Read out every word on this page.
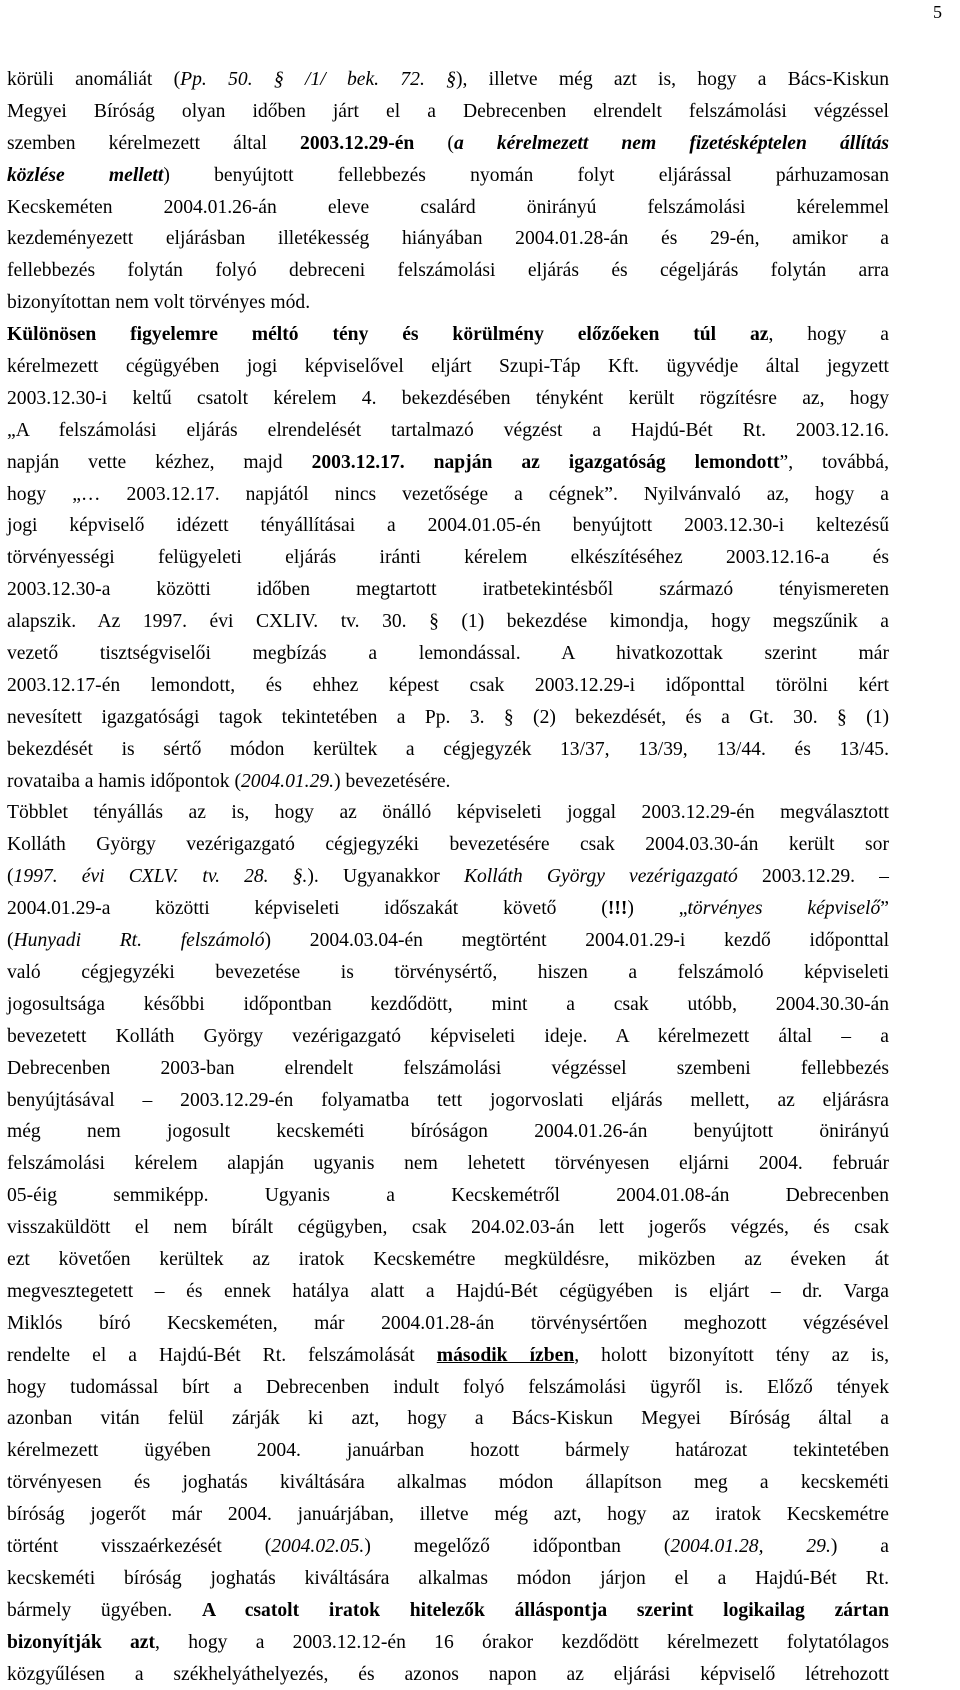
5
körüli anomáliát (Pp. 50. § /1/ bek. 72. §), illetve még azt is, hogy a Bács-Kiskun
Megyei Bíróság olyan időben járt el a Debrecenben elrendelt felszámolási végzéssel
szemben kérelmezett által 2003.12.29-én (a kérelmezett nem fizetésképtelen állítás
közlése mellett) benyújtott fellebbezés nyomán folyt eljárással párhuzamosan
Kecskeméten 2004.01.26-án eleve csalárd önirányú felszámolási kérelemmel
kezdeményezett eljárásban illetékesség hiányában 2004.01.28-án és 29-én, amikor a
fellebbezés folytán folyó debreceni felszámolási eljárás és cégeljárás folytán arra
bizonyítottan nem volt törvényes mód.
Különösen figyelemre méltó tény és körülmény előzőeken túl az, hogy a
kérelmezett cégügyében jogi képviselővel eljárt Szupi-Táp Kft. ügyvédje által jegyzett
2003.12.30-i keltű csatolt kérelem 4. bekezdésében tényként került rögzítésre az, hogy
„A felszámolási eljárás elrendelését tartalmazó végzést a Hajdú-Bét Rt. 2003.12.16.
napján vette kézhez, majd 2003.12.17. napján az igazgatóság lemondott”, továbbá,
hogy „… 2003.12.17. napjától nincs vezetősége a cégnek”. Nyilvánvaló az, hogy a
jogi képviselő idézett tényállításai a 2004.01.05-én benyújtott 2003.12.30-i keltezésű
törvényességi felügyeleti eljárás iránti kérelem elkészítéséhez 2003.12.16-a és
2003.12.30-a közötti időben megtartott iratbetekintésből származó tényismereten
alapszik. Az 1997. évi CXLIV. tv. 30. § (1) bekezdése kimondja, hogy megszűnik a
vezető tisztségviselői megbízás a lemondással. A hivatkozottak szerint már
2003.12.17-én lemondott, és ehhez képest csak 2003.12.29-i időponttal törölni kért
nevesített igazgatósági tagok tekintetében a Pp. 3. § (2) bekezdését, és a Gt. 30. § (1)
bekezdését is sértő módon kerültek a cégjegyzék 13/37, 13/39, 13/44. és 13/45.
rovataiba a hamis időpontok (2004.01.29.) bevezetésére.
Többlet tényállás az is, hogy az önálló képviseleti joggal 2003.12.29-én megválasztott
Kolláth György vezérigazgató cégjegyzéki bevezetésére csak 2004.03.30-án került sor
(1997. évi CXLV. tv. 28. §.). Ugyanakkor Kolláth György vezérigazgató 2003.12.29. –
2004.01.29-a közötti képviseleti időszakát követő (!!!) „törvényes képviselő”
(Hunyadi Rt. felszámoló) 2004.03.04-én megtörtént 2004.01.29-i kezdő időponttal
való cégjegyzéki bevezetése is törvénysértő, hiszen a felszámoló képviseleti
jogosultsága későbbi időpontban kezdődött, mint a csak utóbb, 2004.30.30-án
bevezetett Kolláth György vezérigazgató képviseleti ideje. A kérelmezett által – a
Debrecenben 2003-ban elrendelt felszámolási végzéssel szembeni fellebbezés
benyújtásával – 2003.12.29-én folyamatba tett jogorvoslati eljárás mellett, az eljárásra
még nem jogosult kecskeméti bíróságon 2004.01.26-án benyújtott önirányú
felszámolási kérelem alapján ugyanis nem lehetett törvényesen eljárni 2004. február
05-éig semmiképp. Ugyanis a Kecskemétről 2004.01.08-án Debrecenben
visszaküldött el nem bírált cégügyben, csak 204.02.03-án lett jogerős végzés, és csak
ezt követően kerültek az iratok Kecskemétre megküldésre, miközben az éveken át
megvesztegetett – és ennek hatálya alatt a Hajdú-Bét cégügyében is eljárt – dr. Varga
Miklós bíró Kecskeméten, már 2004.01.28-án törvénysértően meghozott végzésével
rendelte el a Hajdú-Bét Rt. felszámolását második ízben, holott bizonyított tény az is,
hogy tudomással bírt a Debrecenben indult folyó felszámolási ügyről is. Előző tények
azonban vitán felül zárják ki azt, hogy a Bács-Kiskun Megyei Bíróság által a
kérelmezett ügyében 2004. januárban hozott bármely határozat tekintetében
törvényesen és joghatás kiváltására alkalmas módon állapítson meg a kecskeméti
bíróság jogerőt már 2004. januárjában, illetve még azt, hogy az iratok Kecskemétre
történt visszaérkezését (2004.02.05.) megelőző időpontban (2004.01.28, 29.) a
kecskeméti bíróság joghatás kiváltására alkalmas módon járjon el a Hajdú-Bét Rt.
bármely ügyében. A csatolt iratok hitelezők álláspontja szerint logikailag zártan
bizonyítják azt, hogy a 2003.12.12-én 16 órakor kezdődött kérelmezett folytatólagos
közgyűlésen a székhelyáthelyezés, és azonos napon az eljárási képviselő létrehozott
